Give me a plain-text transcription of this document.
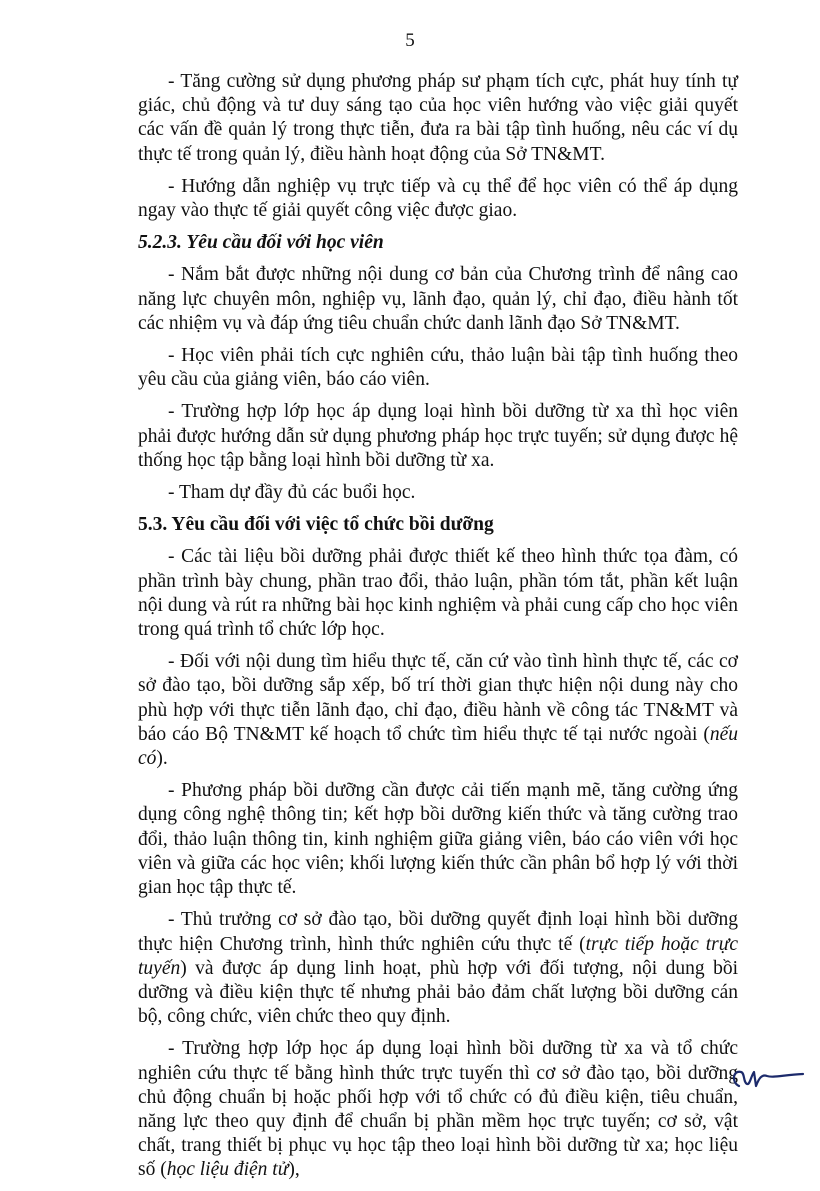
5

- Tăng cường sử dụng phương pháp sư phạm tích cực, phát huy tính tự giác, chủ động và tư duy sáng tạo của học viên hướng vào việc giải quyết các vấn đề quản lý trong thực tiễn, đưa ra bài tập tình huống, nêu các ví dụ thực tế trong quản lý, điều hành hoạt động của Sở TN&MT.

- Hướng dẫn nghiệp vụ trực tiếp và cụ thể để học viên có thể áp dụng ngay vào thực tế giải quyết công việc được giao.

5.2.3. Yêu cầu đối với học viên

- Nắm bắt được những nội dung cơ bản của Chương trình để nâng cao năng lực chuyên môn, nghiệp vụ, lãnh đạo, quản lý, chỉ đạo, điều hành tốt các nhiệm vụ và đáp ứng tiêu chuẩn chức danh lãnh đạo Sở TN&MT.

- Học viên phải tích cực nghiên cứu, thảo luận bài tập tình huống theo yêu cầu của giảng viên, báo cáo viên.

- Trường hợp lớp học áp dụng loại hình bồi dưỡng từ xa thì học viên phải được hướng dẫn sử dụng phương pháp học trực tuyến; sử dụng được hệ thống học tập bằng loại hình bồi dưỡng từ xa.

- Tham dự đầy đủ các buổi học.

5.3. Yêu cầu đối với việc tổ chức bồi dưỡng

- Các tài liệu bồi dưỡng phải được thiết kế theo hình thức tọa đàm, có phần trình bày chung, phần trao đổi, thảo luận, phần tóm tắt, phần kết luận nội dung và rút ra những bài học kinh nghiệm và phải cung cấp cho học viên trong quá trình tổ chức lớp học.

- Đối với nội dung tìm hiểu thực tế, căn cứ vào tình hình thực tế, các cơ sở đào tạo, bồi dưỡng sắp xếp, bố trí thời gian thực hiện nội dung này cho phù hợp với thực tiễn lãnh đạo, chỉ đạo, điều hành về công tác TN&MT và báo cáo Bộ TN&MT kế hoạch tổ chức tìm hiểu thực tế tại nước ngoài (nếu có).

- Phương pháp bồi dưỡng cần được cải tiến mạnh mẽ, tăng cường ứng dụng công nghệ thông tin; kết hợp bồi dưỡng kiến thức và tăng cường trao đổi, thảo luận thông tin, kinh nghiệm giữa giảng viên, báo cáo viên với học viên và giữa các học viên; khối lượng kiến thức cần phân bổ hợp lý với thời gian học tập thực tế.

- Thủ trưởng cơ sở đào tạo, bồi dưỡng quyết định loại hình bồi dưỡng thực hiện Chương trình, hình thức nghiên cứu thực tế (trực tiếp hoặc trực tuyến) và được áp dụng linh hoạt, phù hợp với đối tượng, nội dung bồi dưỡng và điều kiện thực tế nhưng phải bảo đảm chất lượng bồi dưỡng cán bộ, công chức, viên chức theo quy định.

- Trường hợp lớp học áp dụng loại hình bồi dưỡng từ xa và tổ chức nghiên cứu thực tế bằng hình thức trực tuyến thì cơ sở đào tạo, bồi dưỡng chủ động chuẩn bị hoặc phối hợp với tổ chức có đủ điều kiện, tiêu chuẩn, năng lực theo quy định để chuẩn bị phần mềm học trực tuyến; cơ sở, vật chất, trang thiết bị phục vụ học tập theo loại hình bồi dưỡng từ xa; học liệu số (học liệu điện tử),
